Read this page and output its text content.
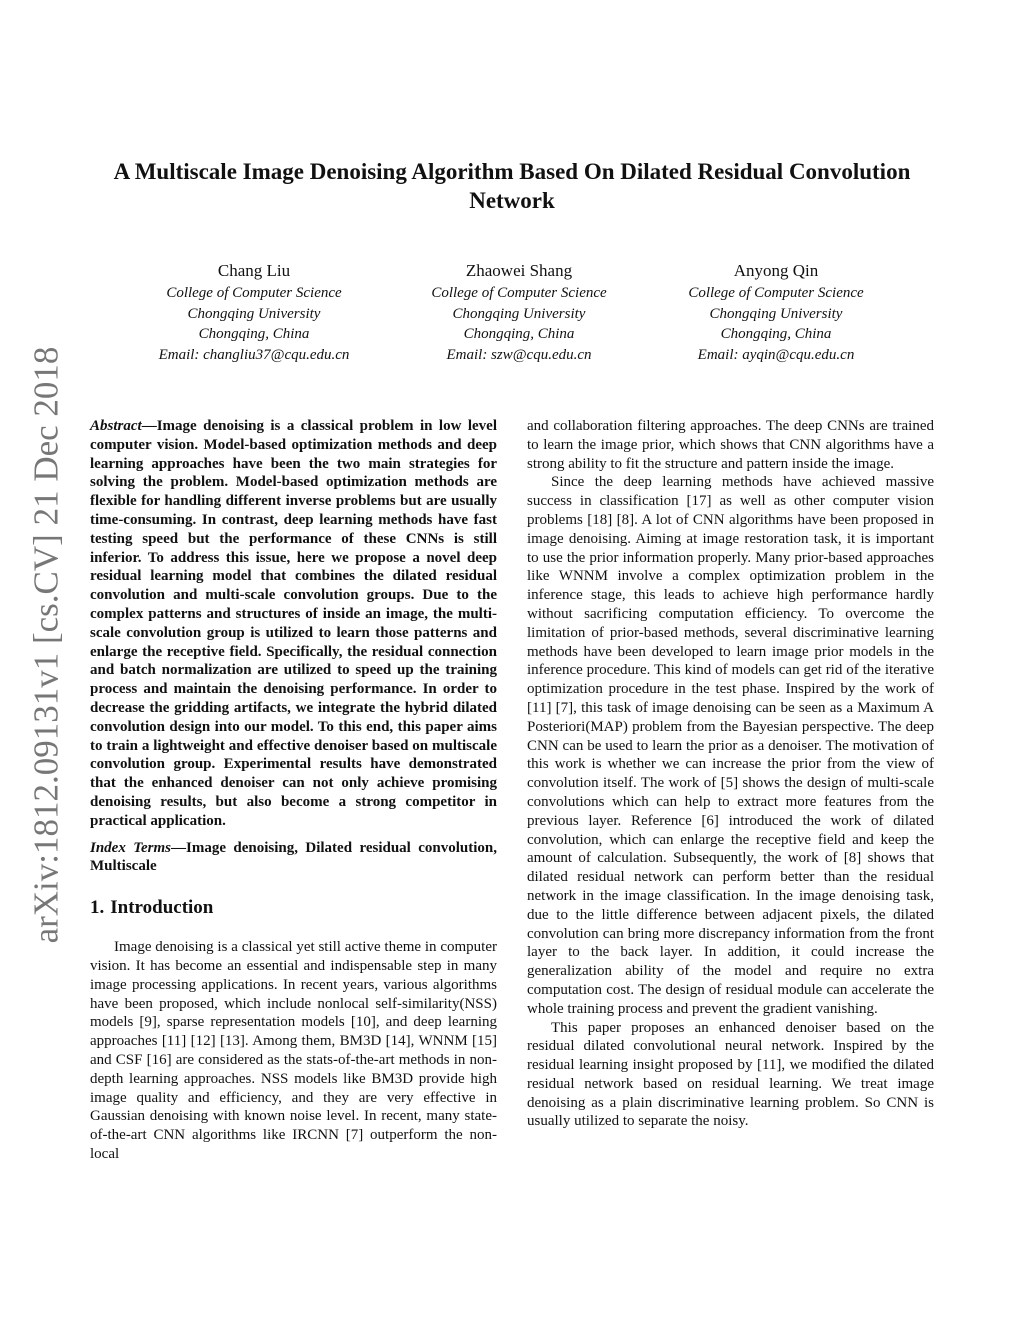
arXiv:1812.09131v1 [cs.CV] 21 Dec 2018
A Multiscale Image Denoising Algorithm Based On Dilated Residual Convolution Network
Chang Liu
College of Computer Science
Chongqing University
Chongqing, China
Email: changliu37@cqu.edu.cn
Zhaowei Shang
College of Computer Science
Chongqing University
Chongqing, China
Email: szw@cqu.edu.cn
Anyong Qin
College of Computer Science
Chongqing University
Chongqing, China
Email: ayqin@cqu.edu.cn

Abstract—Image denoising is a classical problem in low level computer vision. Model-based optimization methods and deep learning approaches have been the two main strategies for solving the problem. Model-based optimization methods are flexible for handling different inverse problems but are usually time-consuming. In contrast, deep learning methods have fast testing speed but the performance of these CNNs is still inferior. To address this issue, here we propose a novel deep residual learning model that combines the dilated residual convolution and multi-scale convolution groups. Due to the complex patterns and structures of inside an image, the multi-scale convolution group is utilized to learn those patterns and enlarge the receptive field. Specifically, the residual connection and batch normalization are utilized to speed up the training process and maintain the denoising performance. In order to decrease the gridding artifacts, we integrate the hybrid dilated convolution design into our model. To this end, this paper aims to train a lightweight and effective denoiser based on multiscale convolution group. Experimental results have demonstrated that the enhanced denoiser can not only achieve promising denoising results, but also become a strong competitor in practical application.

Index Terms—Image denoising, Dilated residual convolution, Multiscale

1. Introduction

Image denoising is a classical yet still active theme in computer vision. It has become an essential and indispensable step in many image processing applications. In recent years, various algorithms have been proposed, which include nonlocal self-similarity(NSS) models [9], sparse representation models [10], and deep learning approaches [11] [12] [13]. Among them, BM3D [14], WNNM [15] and CSF [16] are considered as the stats-of-the-art methods in non-depth learning approaches. NSS models like BM3D provide high image quality and efficiency, and they are very effective in Gaussian denoising with known noise level. In recent, many state-of-the-art CNN algorithms like IRCNN [7] outperform the non-local

and collaboration filtering approaches. The deep CNNs are trained to learn the image prior, which shows that CNN algorithms have a strong ability to fit the structure and pattern inside the image.

Since the deep learning methods have achieved massive success in classification [17] as well as other computer vision problems [18] [8]. A lot of CNN algorithms have been proposed in image denoising. Aiming at image restoration task, it is important to use the prior information properly. Many prior-based approaches like WNNM involve a complex optimization problem in the inference stage, this leads to achieve high performance hardly without sacrificing computation efficiency. To overcome the limitation of prior-based methods, several discriminative learning methods have been developed to learn image prior models in the inference procedure. This kind of models can get rid of the iterative optimization procedure in the test phase. Inspired by the work of [11] [7], this task of image denoising can be seen as a Maximum A Posteriori(MAP) problem from the Bayesian perspective. The deep CNN can be used to learn the prior as a denoiser. The motivation of this work is whether we can increase the prior from the view of convolution itself. The work of [5] shows the design of multi-scale convolutions which can help to extract more features from the previous layer. Reference [6] introduced the work of dilated convolution, which can enlarge the receptive field and keep the amount of calculation. Subsequently, the work of [8] shows that dilated residual network can perform better than the residual network in the image classification. In the image denoising task, due to the little difference between adjacent pixels, the dilated convolution can bring more discrepancy information from the front layer to the back layer. In addition, it could increase the generalization ability of the model and require no extra computation cost. The design of residual module can accelerate the whole training process and prevent the gradient vanishing.

This paper proposes an enhanced denoiser based on the residual dilated convolutional neural network. Inspired by the residual learning insight proposed by [11], we modified the dilated residual network based on residual learning. We treat image denoising as a plain discriminative learning problem. So CNN is usually utilized to separate the noisy.
